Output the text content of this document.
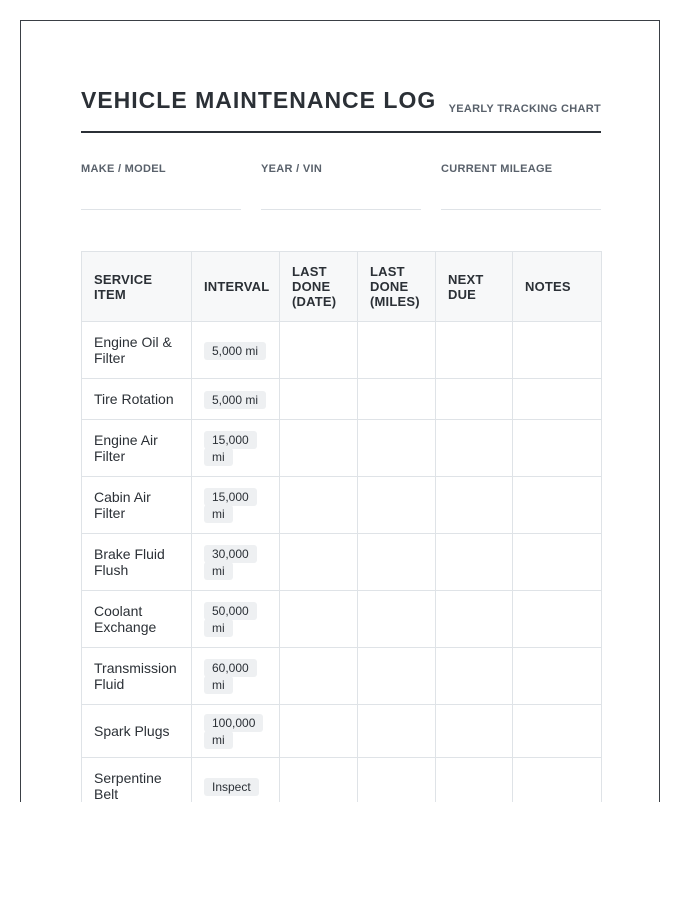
VEHICLE MAINTENANCE LOG YEARLY TRACKING CHART
MAKE / MODEL	YEAR / VIN	CURRENT MILEAGE
SERVICE ITEM	INTERVAL	LAST DONE (DATE)	LAST DONE (MILES)	NEXT DUE	NOTES
Engine Oil & Filter	5,000 mi				
Tire Rotation	5,000 mi				
Engine Air Filter	15,000 mi				
Cabin Air Filter	15,000 mi				
Brake Fluid Flush	30,000 mi				
Coolant Exchange	50,000 mi				
Transmission Fluid	60,000 mi				
Spark Plugs	100,000 mi				
Serpentine Belt	Inspect				
